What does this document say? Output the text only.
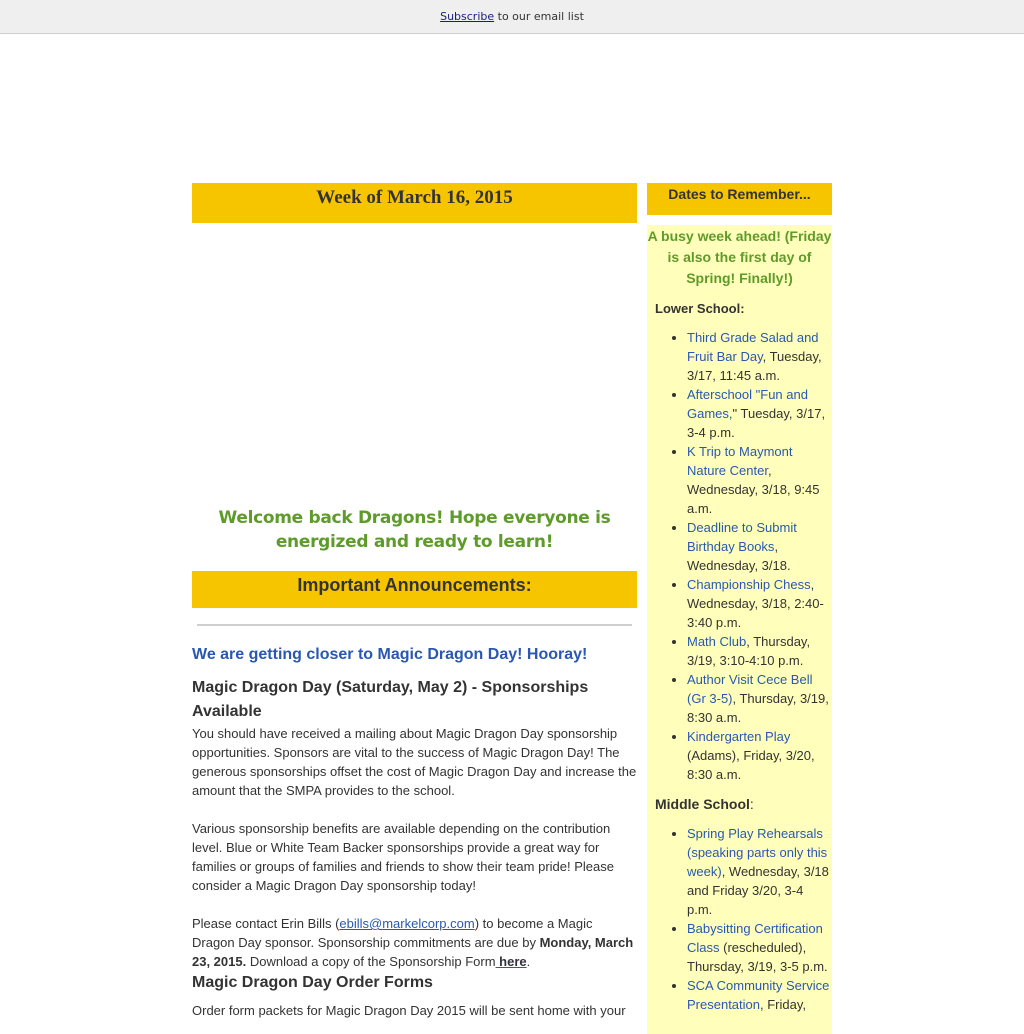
Subscribe to our email list
Week of March 16, 2015
Welcome back Dragons! Hope everyone is energized and ready to learn!
Important Announcements:
We are getting closer to Magic Dragon Day! Hooray!
Magic Dragon Day (Saturday, May 2) - Sponsorships Available

You should have received a mailing about Magic Dragon Day sponsorship opportunities. Sponsors are vital to the success of Magic Dragon Day! The generous sponsorships offset the cost of Magic Dragon Day and increase the amount that the SMPA provides to the school.

Various sponsorship benefits are available depending on the contribution level. Blue or White Team Backer sponsorships provide a great way for families or groups of families and friends to show their team pride! Please consider a Magic Dragon Day sponsorship today!

Please contact Erin Bills (ebills@markelcorp.com) to become a Magic Dragon Day sponsor. Sponsorship commitments are due by Monday, March 23, 2015. Download a copy of the Sponsorship Form here.

Magic Dragon Day Order Forms

Order form packets for Magic Dragon Day 2015 will be sent home with your

Dates to Remember...
A busy week ahead! (Friday is also the first day of Spring! Finally!)
Lower School:
• Third Grade Salad and Fruit Bar Day, Tuesday, 3/17, 11:45 a.m.
• Afterschool "Fun and Games," Tuesday, 3/17, 3-4 p.m.
• K Trip to Maymont Nature Center, Wednesday, 3/18, 9:45 a.m.
• Deadline to Submit Birthday Books, Wednesday, 3/18.
• Championship Chess, Wednesday, 3/18, 2:40-3:40 p.m.
• Math Club, Thursday, 3/19, 3:10-4:10 p.m.
• Author Visit Cece Bell (Gr 3-5), Thursday, 3/19, 8:30 a.m.
• Kindergarten Play (Adams), Friday, 3/20, 8:30 a.m.
Middle School:
• Spring Play Rehearsals (speaking parts only this week), Wednesday, 3/18 and Friday 3/20, 3-4 p.m.
• Babysitting Certification Class (rescheduled), Thursday, 3/19, 3-5 p.m.
• SCA Community Service Presentation, Friday,
